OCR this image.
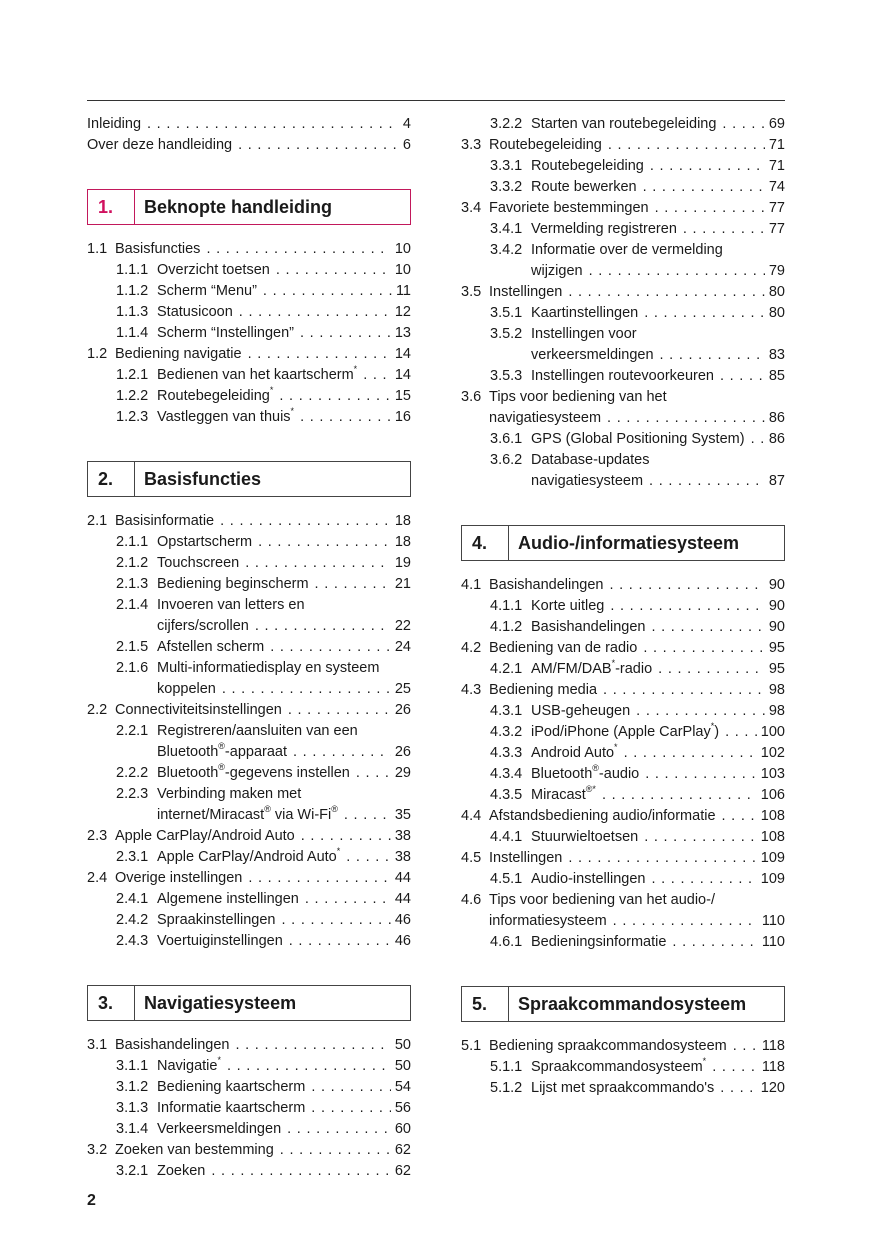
Inleiding . . .	4
Over deze handleiding . . .	6
1.	Beknopte handleiding
1.1 Basisfuncties . . .	10
1.1.1 Overzicht toetsen . . .	10
1.1.2 Scherm “Menu” . . .	11
1.1.3 Statusicoon . . .	12
1.1.4 Scherm “Instellingen” . . .	13
1.2 Bediening navigatie . . .	14
1.2.1 Bedienen van het kaartscherm* . . .	14
1.2.2 Routebegeleiding* . . .	15
1.2.3 Vastleggen van thuis* . . .	16
2.	Basisfuncties
2.1 Basisinformatie . . .	18
2.1.1 Opstartscherm . . .	18
2.1.2 Touchscreen . . .	19
2.1.3 Bediening beginscherm . . .	21
2.1.4 Invoeren van letters en
cijfers/scrollen . . .	22
2.1.5 Afstellen scherm . . .	24
2.1.6 Multi-informatiedisplay en systeem
koppelen . . .	25
2.2 Connectiviteitsinstellingen . . .	26
2.2.1 Registreren/aansluiten van een
Bluetooth®-apparaat . . .	26
2.2.2 Bluetooth®-gegevens instellen . . .	29
2.2.3 Verbinding maken met
internet/Miracast® via Wi-Fi® . . .	35
2.3 Apple CarPlay/Android Auto . . .	38
2.3.1 Apple CarPlay/Android Auto* . . .	38
2.4 Overige instellingen . . .	44
2.4.1 Algemene instellingen . . .	44
2.4.2 Spraakinstellingen . . .	46
2.4.3 Voertuiginstellingen . . .	46
3.	Navigatiesysteem
3.1 Basishandelingen . . .	50
3.1.1 Navigatie* . . .	50
3.1.2 Bediening kaartscherm . . .	54
3.1.3 Informatie kaartscherm . . .	56
3.1.4 Verkeersmeldingen . . .	60
3.2 Zoeken van bestemming . . .	62
3.2.1 Zoeken . . .	62
3.2.2 Starten van routebegeleiding . . .	69
3.3 Routebegeleiding . . .	71
3.3.1 Routebegeleiding . . .	71
3.3.2 Route bewerken . . .	74
3.4 Favoriete bestemmingen . . .	77
3.4.1 Vermelding registreren . . .	77
3.4.2 Informatie over de vermelding
wijzigen . . .	79
3.5 Instellingen . . .	80
3.5.1 Kaartinstellingen . . .	80
3.5.2 Instellingen voor
verkeersmeldingen . . .	83
3.5.3 Instellingen routevoorkeuren . . .	85
3.6 Tips voor bediening van het
navigatiesysteem . . .	86
3.6.1 GPS (Global Positioning System) . . . 86
3.6.2 Database-updates
navigatiesysteem . . .	87
4.	Audio-/informatiesysteem
4.1 Basishandelingen . . .	90
4.1.1 Korte uitleg . . .	90
4.1.2 Basishandelingen . . .	90
4.2 Bediening van de radio . . .	95
4.2.1 AM/FM/DAB*-radio . . .	95
4.3 Bediening media . . .	98
4.3.1 USB-geheugen . . .	98
4.3.2 iPod/iPhone (Apple CarPlay*) . . .	100
4.3.3 Android Auto* . . .	102
4.3.4 Bluetooth®-audio . . .	103
4.3.5 Miracast®* . . .	106
4.4 Afstandsbediening audio/informatie . . .	108
4.4.1 Stuurwieltoetsen . . .	108
4.5 Instellingen . . .	109
4.5.1 Audio-instellingen . . .	109
4.6 Tips voor bediening van het audio-/
informatiesysteem . . .	110
4.6.1 Bedieningsinformatie . . .	110
5.	Spraakcommandosysteem
5.1 Bediening spraakcommandosysteem . . . 118
5.1.1 Spraakcommandosysteem* . . .	118
5.1.2 Lijst met spraakcommando's . . .	120
2
